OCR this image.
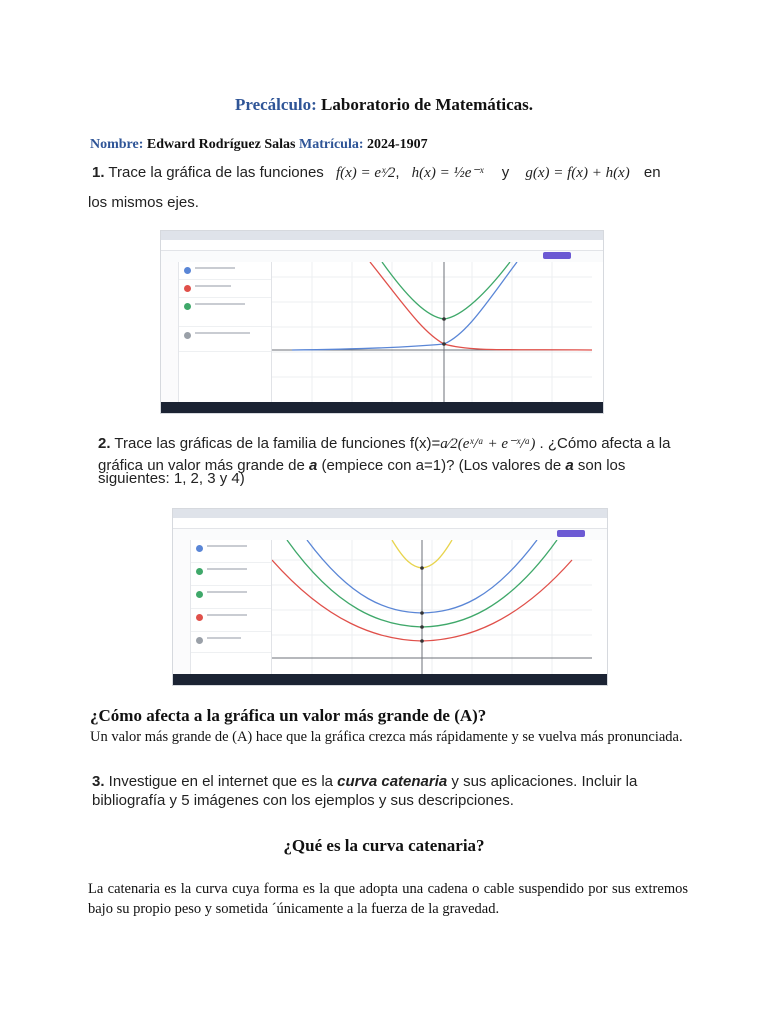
Precálculo: Laboratorio de Matemáticas.
Nombre: Edward Rodríguez Salas Matrícula: 2024-1907
1. Trace la gráfica de las funciones f(x) = eˣ⁄2, h(x) = ½e⁻ˣ y g(x) = f(x) + h(x) en
los mismos ejes.
2. Trace las gráficas de la familia de funciones f(x)=a⁄2(eˣ/ᵃ + e⁻ˣ/ᵃ) . ¿Cómo afecta a la
gráfica un valor más grande de a (empiece con a=1)? (Los valores de a son los
siguientes: 1, 2, 3 y 4)
¿Cómo afecta a la gráfica un valor más grande de (A)?
Un valor más grande de (A) hace que la gráfica crezca más rápidamente y se vuelva más pronunciada.
3. Investigue en el internet que es la curva catenaria y sus aplicaciones. Incluir la
bibliografía y 5 imágenes con los ejemplos y sus descripciones.
¿Qué es la curva catenaria?
La catenaria es la curva cuya forma es la que adopta una cadena o cable suspendido por sus extremos bajo su propio peso y sometida ´únicamente a la fuerza de la gravedad.
